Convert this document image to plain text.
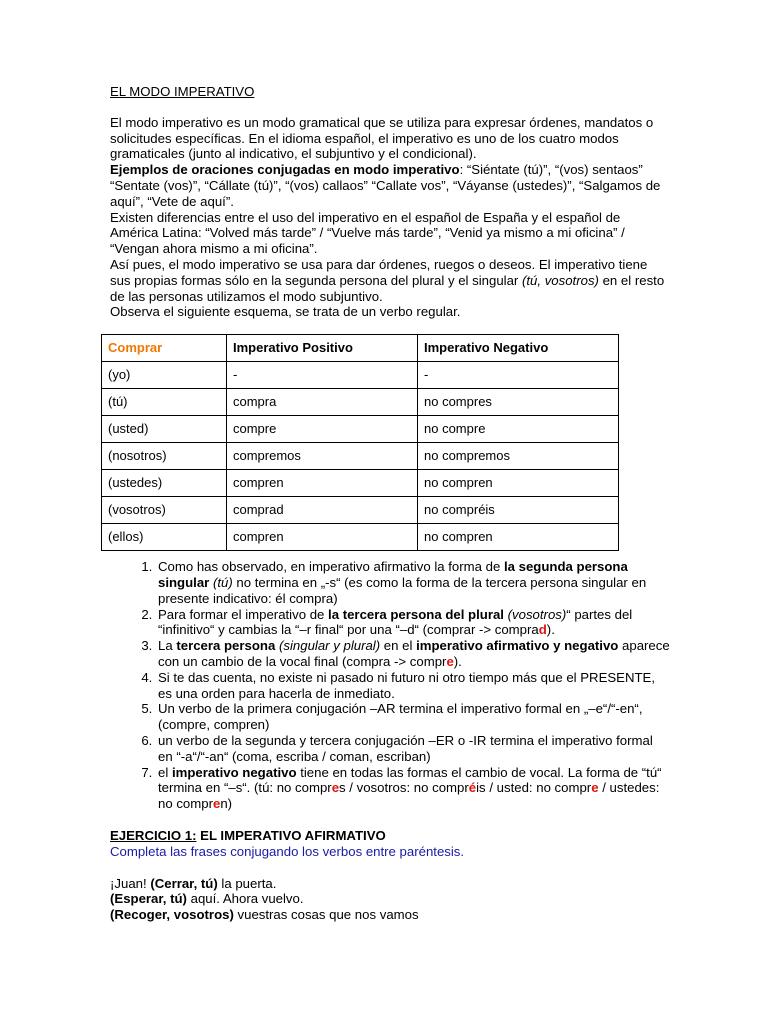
EL MODO IMPERATIVO

El modo imperativo es un modo gramatical que se utiliza para expresar órdenes, mandatos o solicitudes específicas. En el idioma español, el imperativo es uno de los cuatro modos gramaticales (junto al indicativo, el subjuntivo y el condicional).

Ejemplos de oraciones conjugadas en modo imperativo: “Siéntate (tú)”, “(vos) sentaos” “Sentate (vos)”, “Cállate (tú)”, “(vos) callaos” “Callate vos”, “Váyanse (ustedes)”, “Salgamos de aquí”, “Vete de aquí”.

Existen diferencias entre el uso del imperativo en el español de España y el español de América Latina: “Volved más tarde” / “Vuelve más tarde”, “Venid ya mismo a mi oficina” / “Vengan ahora mismo a mi oficina”.

Así pues, el modo imperativo se usa para dar órdenes, ruegos o deseos. El imperativo tiene sus propias formas sólo en la segunda persona del plural y el singular (tú, vosotros) en el resto de las personas utilizamos el modo subjuntivo.

Observa el siguiente esquema, se trata de un verbo regular.

Comprar	Imperativo Positivo	Imperativo Negativo
(yo)	-	-
(tú)	compra	no compres
(usted)	compre	no compre
(nosotros)	compremos	no compremos
(ustedes)	compren	no compren
(vosotros)	comprad	no compréis
(ellos)	compren	no compren
1. Como has observado, en imperativo afirmativo la forma de la segunda persona singular (tú) no termina en „-s“ (es como la forma de la tercera persona singular en presente indicativo: él compra)
2. Para formar el imperativo de la tercera persona del plural (vosotros)“ partes del “infinitivo“ y cambias la “–r final“ por una “–d“ (comprar -> comprad).
3. La tercera persona (singular y plural) en el imperativo afirmativo y negativo aparece con un cambio de la vocal final (compra -> compre).
4. Si te das cuenta, no existe ni pasado ni futuro ni otro tiempo más que el PRESENTE, es una orden para hacerla de inmediato.
5. Un verbo de la primera conjugación –AR termina el imperativo formal en „–e“/“-en“, (compre, compren)
6. un verbo de la segunda y tercera conjugación –ER o -IR termina el imperativo formal en “-a“/“-an“ (coma, escriba / coman, escriban)
7. el imperativo negativo tiene en todas las formas el cambio de vocal. La forma de “tú“ termina en “–s“. (tú: no compres / vosotros: no compréis / usted: no compre / ustedes: no compren)

EJERCICIO 1: EL IMPERATIVO AFIRMATIVO

Completa las frases conjugando los verbos entre paréntesis.

¡Juan! (Cerrar, tú) la puerta.

(Esperar, tú) aquí. Ahora vuelvo.

(Recoger, vosotros) vuestras cosas que nos vamos
